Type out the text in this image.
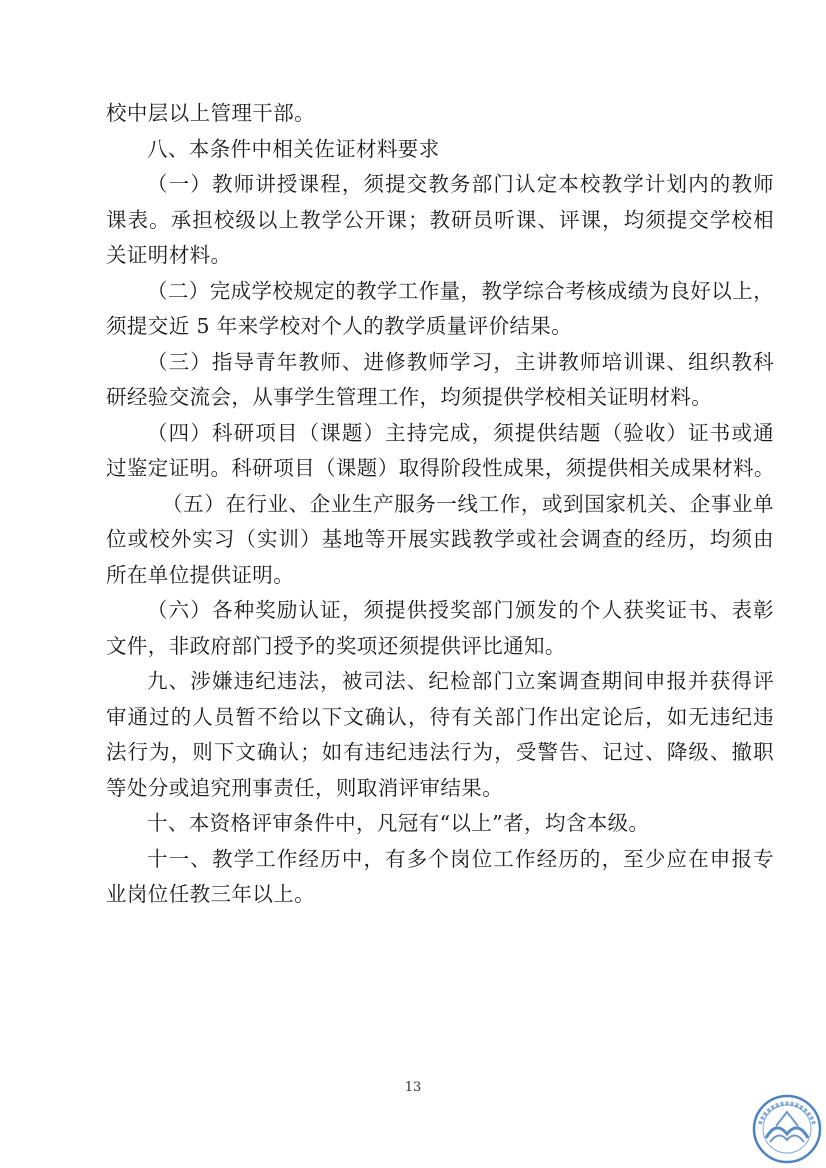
校中层以上管理干部。
八、本条件中相关佐证材料要求
（一）教师讲授课程，须提交教务部门认定本校教学计划内的教师
课表。承担校级以上教学公开课；教研员听课、评课，均须提交学校相
关证明材料。
（二）完成学校规定的教学工作量，教学综合考核成绩为良好以上，
须提交近 5 年来学校对个人的教学质量评价结果。
（三）指导青年教师、进修教师学习，主讲教师培训课、组织教科
研经验交流会，从事学生管理工作，均须提供学校相关证明材料。
（四）科研项目（课题）主持完成，须提供结题（验收）证书或通
过鉴定证明。科研项目（课题）取得阶段性成果，须提供相关成果材料。
（五）在行业、企业生产服务一线工作，或到国家机关、企事业单
位或校外实习（实训）基地等开展实践教学或社会调查的经历，均须由
所在单位提供证明。
（六）各种奖励认证，须提供授奖部门颁发的个人获奖证书、表彰
文件，非政府部门授予的奖项还须提供评比通知。
九、涉嫌违纪违法，被司法、纪检部门立案调查期间申报并获得评
审通过的人员暂不给以下文确认，待有关部门作出定论后，如无违纪违
法行为，则下文确认；如有违纪违法行为，受警告、记过、降级、撤职
等处分或追究刑事责任，则取消评审结果。
十、本资格评审条件中，凡冠有“以上”者，均含本级。
十一、教学工作经历中，有多个岗位工作经历的，至少应在申报专
业岗位任教三年以上。
13
